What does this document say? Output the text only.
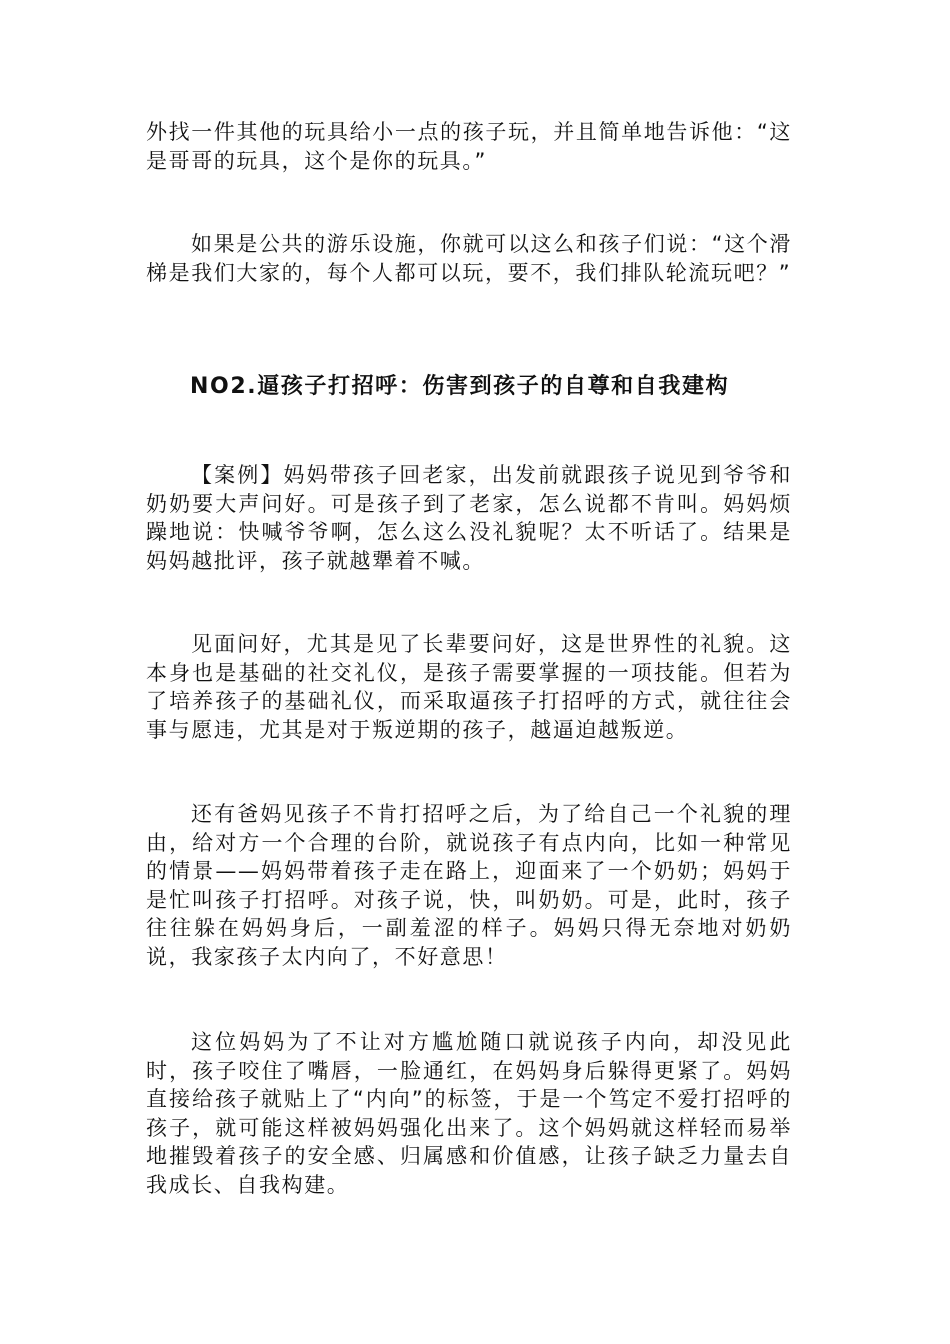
外找一件其他的玩具给小一点的孩子玩，并且简单地告诉他：“这是哥哥的玩具，这个是你的玩具。”

如果是公共的游乐设施，你就可以这么和孩子们说：“这个滑梯是我们大家的，每个人都可以玩，要不，我们排队轮流玩吧？”

NO2.逼孩子打招呼：伤害到孩子的自尊和自我建构

【案例】妈妈带孩子回老家，出发前就跟孩子说见到爷爷和奶奶要大声问好。可是孩子到了老家，怎么说都不肯叫。妈妈烦躁地说：快喊爷爷啊，怎么这么没礼貌呢？太不听话了。结果是妈妈越批评，孩子就越犟着不喊。

见面问好，尤其是见了长辈要问好，这是世界性的礼貌。这本身也是基础的社交礼仪，是孩子需要掌握的一项技能。但若为了培养孩子的基础礼仪，而采取逼孩子打招呼的方式，就往往会事与愿违，尤其是对于叛逆期的孩子，越逼迫越叛逆。

还有爸妈见孩子不肯打招呼之后，为了给自己一个礼貌的理由，给对方一个合理的台阶，就说孩子有点内向，比如一种常见的情景——妈妈带着孩子走在路上，迎面来了一个奶奶；妈妈于是忙叫孩子打招呼。对孩子说，快，叫奶奶。可是，此时，孩子往往躲在妈妈身后，一副羞涩的样子。妈妈只得无奈地对奶奶说，我家孩子太内向了，不好意思！

这位妈妈为了不让对方尴尬随口就说孩子内向，却没见此时，孩子咬住了嘴唇，一脸通红，在妈妈身后躲得更紧了。妈妈直接给孩子就贴上了“内向”的标签，于是一个笃定不爱打招呼的孩子，就可能这样被妈妈强化出来了。这个妈妈就这样轻而易举地摧毁着孩子的安全感、归属感和价值感，让孩子缺乏力量去自我成长、自我构建。
